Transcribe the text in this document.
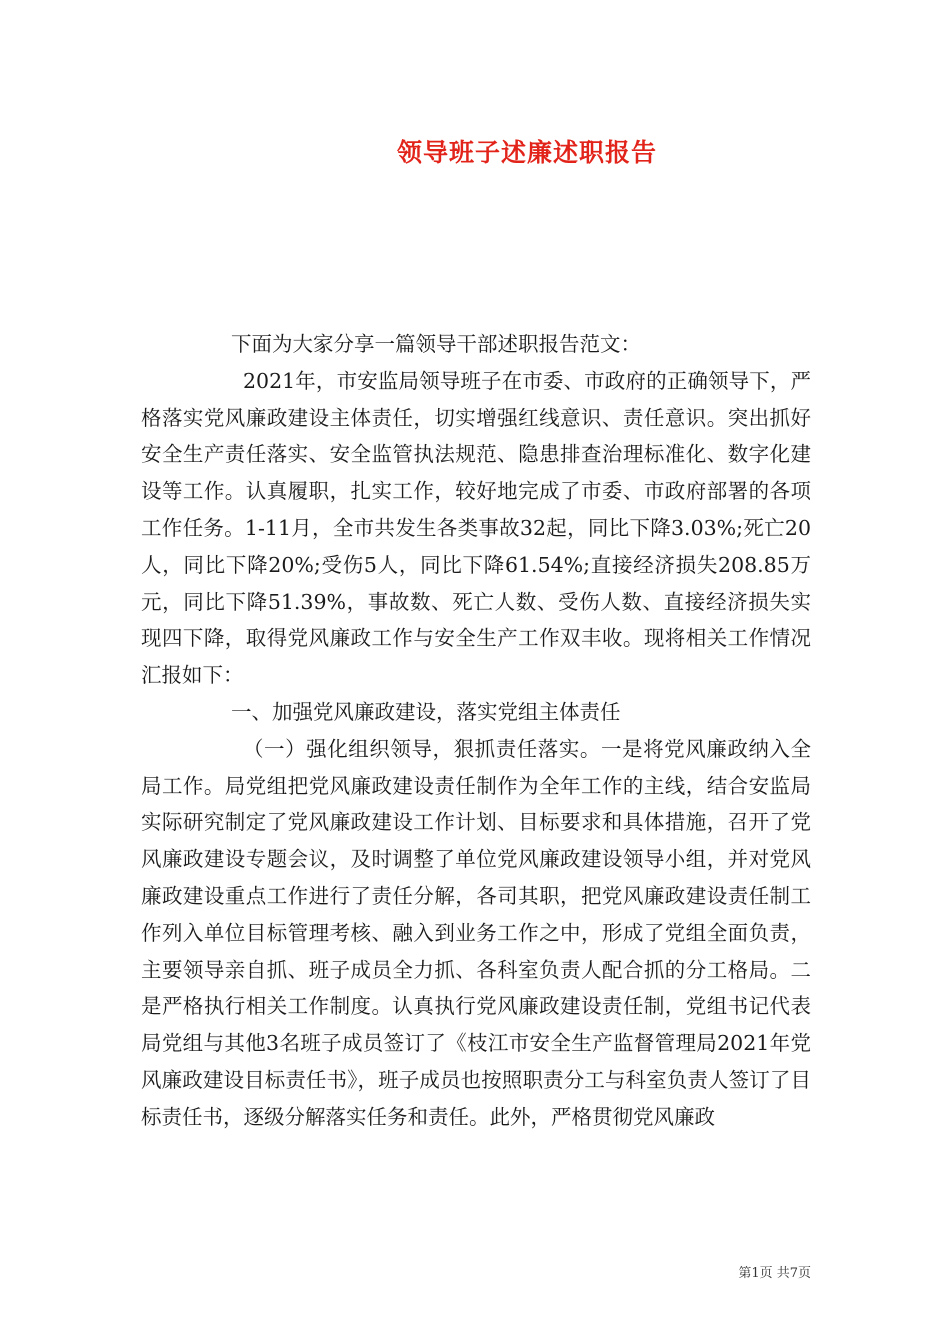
领导班子述廉述职报告

下面为大家分享一篇领导干部述职报告范文：

2021年，市安监局领导班子在市委、市政府的正确领导下，严格落实党风廉政建设主体责任，切实增强红线意识、责任意识。突出抓好安全生产责任落实、安全监管执法规范、隐患排查治理标准化、数字化建设等工作。认真履职，扎实工作，较好地完成了市委、市政府部署的各项工作任务。1-11月，全市共发生各类事故32起，同比下降3.03%;死亡20人，同比下降20%;受伤5人，同比下降61.54%;直接经济损失208.85万元，同比下降51.39%，事故数、死亡人数、受伤人数、直接经济损失实现四下降，取得党风廉政工作与安全生产工作双丰收。现将相关工作情况汇报如下：

一、加强党风廉政建设，落实党组主体责任

（一）强化组织领导，狠抓责任落实。一是将党风廉政纳入全局工作。局党组把党风廉政建设责任制作为全年工作的主线，结合安监局实际研究制定了党风廉政建设工作计划、目标要求和具体措施，召开了党风廉政建设专题会议，及时调整了单位党风廉政建设领导小组，并对党风廉政建设重点工作进行了责任分解，各司其职，把党风廉政建设责任制工作列入单位目标管理考核、融入到业务工作之中，形成了党组全面负责，主要领导亲自抓、班子成员全力抓、各科室负责人配合抓的分工格局。二是严格执行相关工作制度。认真执行党风廉政建设责任制，党组书记代表局党组与其他3名班子成员签订了《枝江市安全生产监督管理局2021年党风廉政建设目标责任书》，班子成员也按照职责分工与科室负责人签订了目标责任书，逐级分解落实任务和责任。此外，严格贯彻党风廉政

第1页 共7页
